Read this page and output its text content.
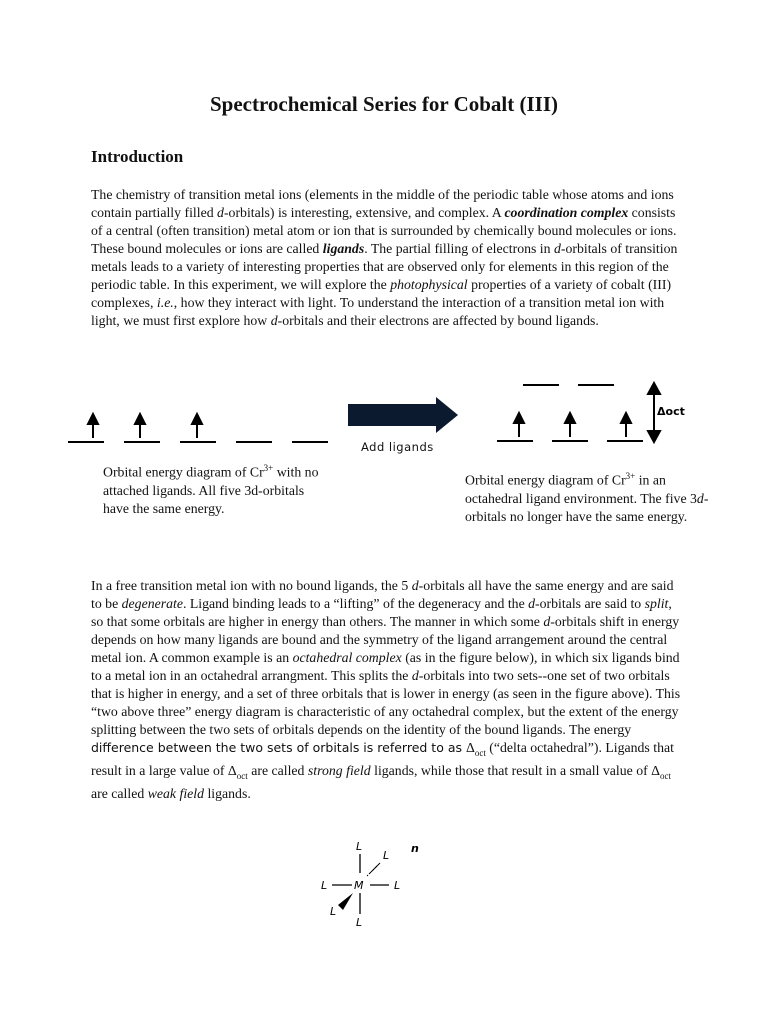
Spectrochemical Series for Cobalt (III)
Introduction
The chemistry of transition metal ions (elements in the middle of the periodic table whose atoms and ions contain partially filled d-orbitals) is interesting, extensive, and complex. A coordination complex consists of a central (often transition) metal atom or ion that is surrounded by chemically bound molecules or ions. These bound molecules or ions are called ligands. The partial filling of electrons in d-orbitals of transition metals leads to a variety of interesting properties that are observed only for elements in this region of the periodic table. In this experiment, we will explore the photophysical properties of a variety of cobalt (III) complexes, i.e., how they interact with light. To understand the interaction of a transition metal ion with light, we must first explore how d-orbitals and their electrons are affected by bound ligands.
Δoct
Add ligands
Orbital energy diagram of $Cr^{3+}$ with no attached ligands. All five 3d-orbitals have the same energy.
Orbital energy diagram of $Cr^{3+}$ in an octahedral ligand environment. The five 3d-orbitals no longer have the same energy.
In a free transition metal ion with no bound ligands, the 5 d-orbitals all have the same energy and are said to be degenerate. Ligand binding leads to a “lifting” of the degeneracy and the d-orbitals are said to split, so that some orbitals are higher in energy than others. The manner in which some d-orbitals shift in energy depends on how many ligands are bound and the symmetry of the ligand arrangement around the central metal ion. A common example is an octahedral complex (as in the figure below), in which six ligands bind to a metal ion in an octahedral arrangment. This splits the d-orbitals into two sets--one set of two orbitals that is higher in energy, and a set of three orbitals that is lower in energy (as seen in the figure above). This “two above three” energy diagram is characteristic of any octahedral complex, but the extent of the energy splitting between the two sets of orbitals depends on the identity of the bound ligands. The energy difference between the two sets of orbitals is referred to as $\Delta_{oct}$ (“delta octahedral”). Ligands that result in a large value of $\Delta_{oct}$ are called strong field ligands, while those that result in a small value of $\Delta_{oct}$ are called weak field ligands.
L
L
L M	L
L
L
n
